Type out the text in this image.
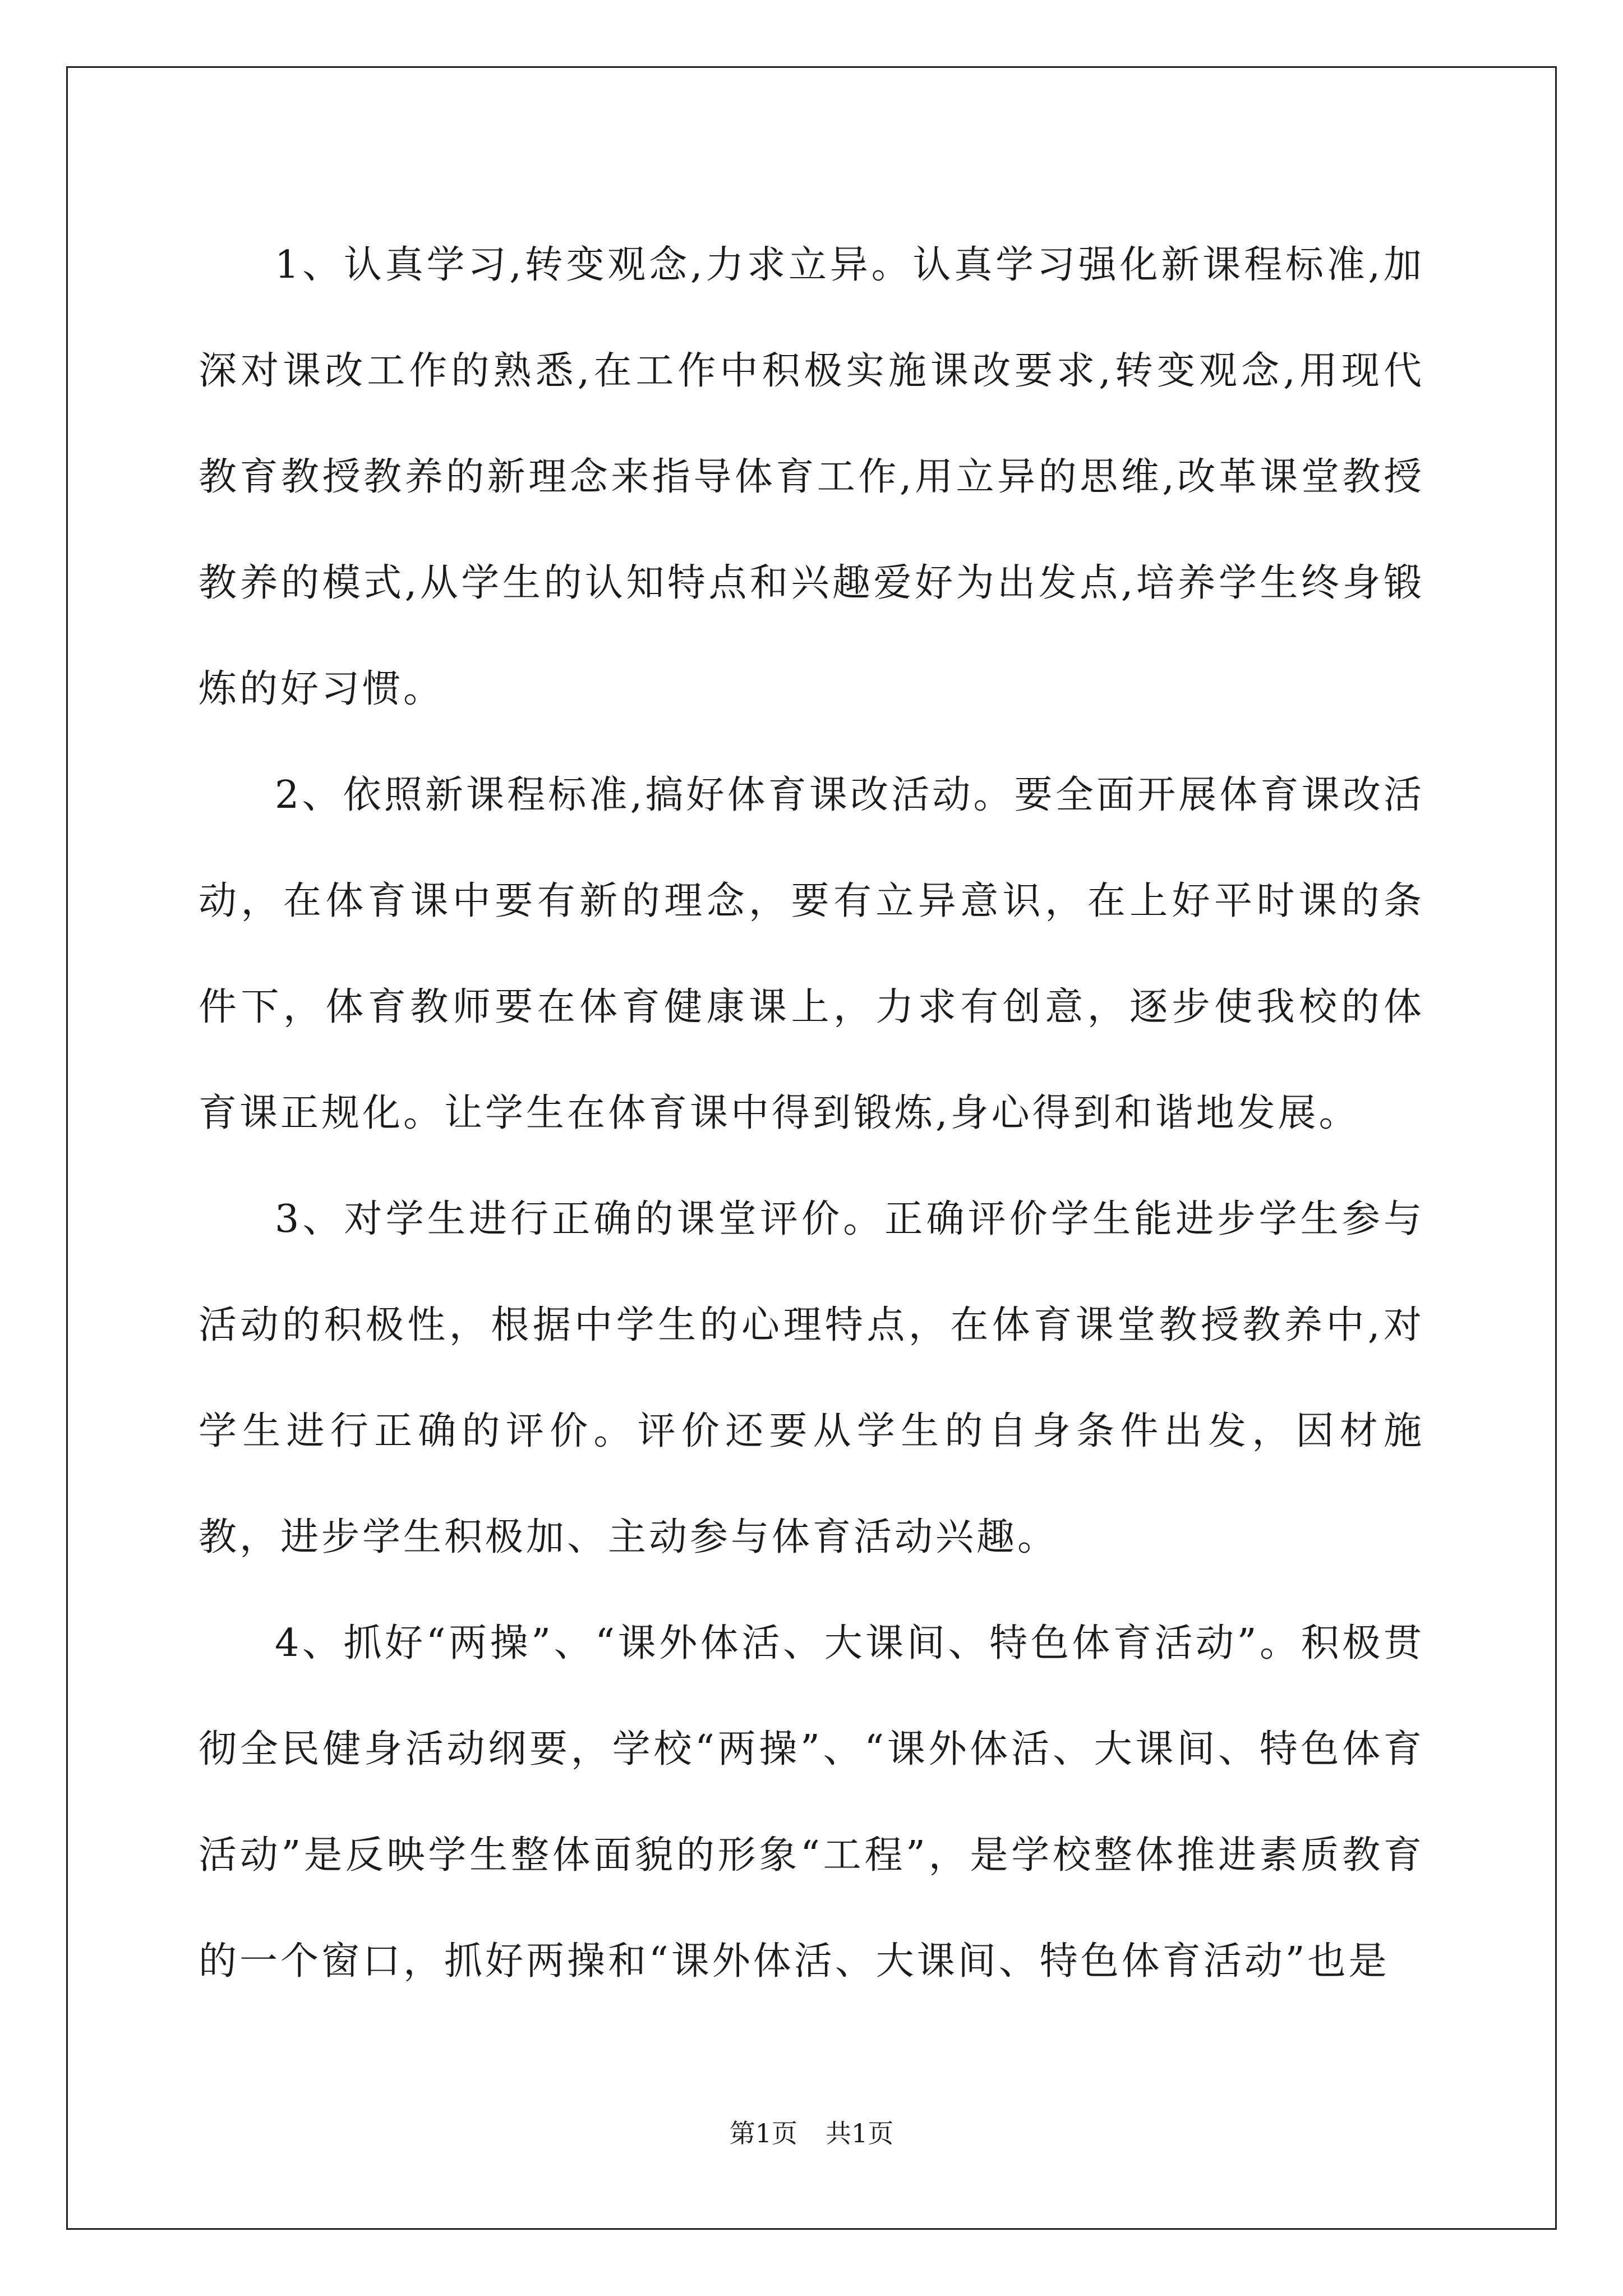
1、认真学习,转变观念,力求立异。认真学习强化新课程标准,加深对课改工作的熟悉,在工作中积极实施课改要求,转变观念,用现代教育教授教养的新理念来指导体育工作,用立异的思维,改革课堂教授教养的模式,从学生的认知特点和兴趣爱好为出发点,培养学生终身锻炼的好习惯。

2、依照新课程标准,搞好体育课改活动。要全面开展体育课改活动，在体育课中要有新的理念，要有立异意识，在上好平时课的条件下，体育教师要在体育健康课上，力求有创意，逐步使我校的体育课正规化。让学生在体育课中得到锻炼,身心得到和谐地发展。

3、对学生进行正确的课堂评价。正确评价学生能进步学生参与活动的积极性，根据中学生的心理特点，在体育课堂教授教养中,对学生进行正确的评价。评价还要从学生的自身条件出发，因材施教，进步学生积极加、主动参与体育活动兴趣。

4、抓好“两操”、“课外体活、大课间、特色体育活动”。积极贯彻全民健身活动纲要，学校“两操”、“课外体活、大课间、特色体育活动”是反映学生整体面貌的形象“工程”，是学校整体推进素质教育的一个窗口，抓好两操和“课外体活、大课间、特色体育活动”也是

第1页 共1页
